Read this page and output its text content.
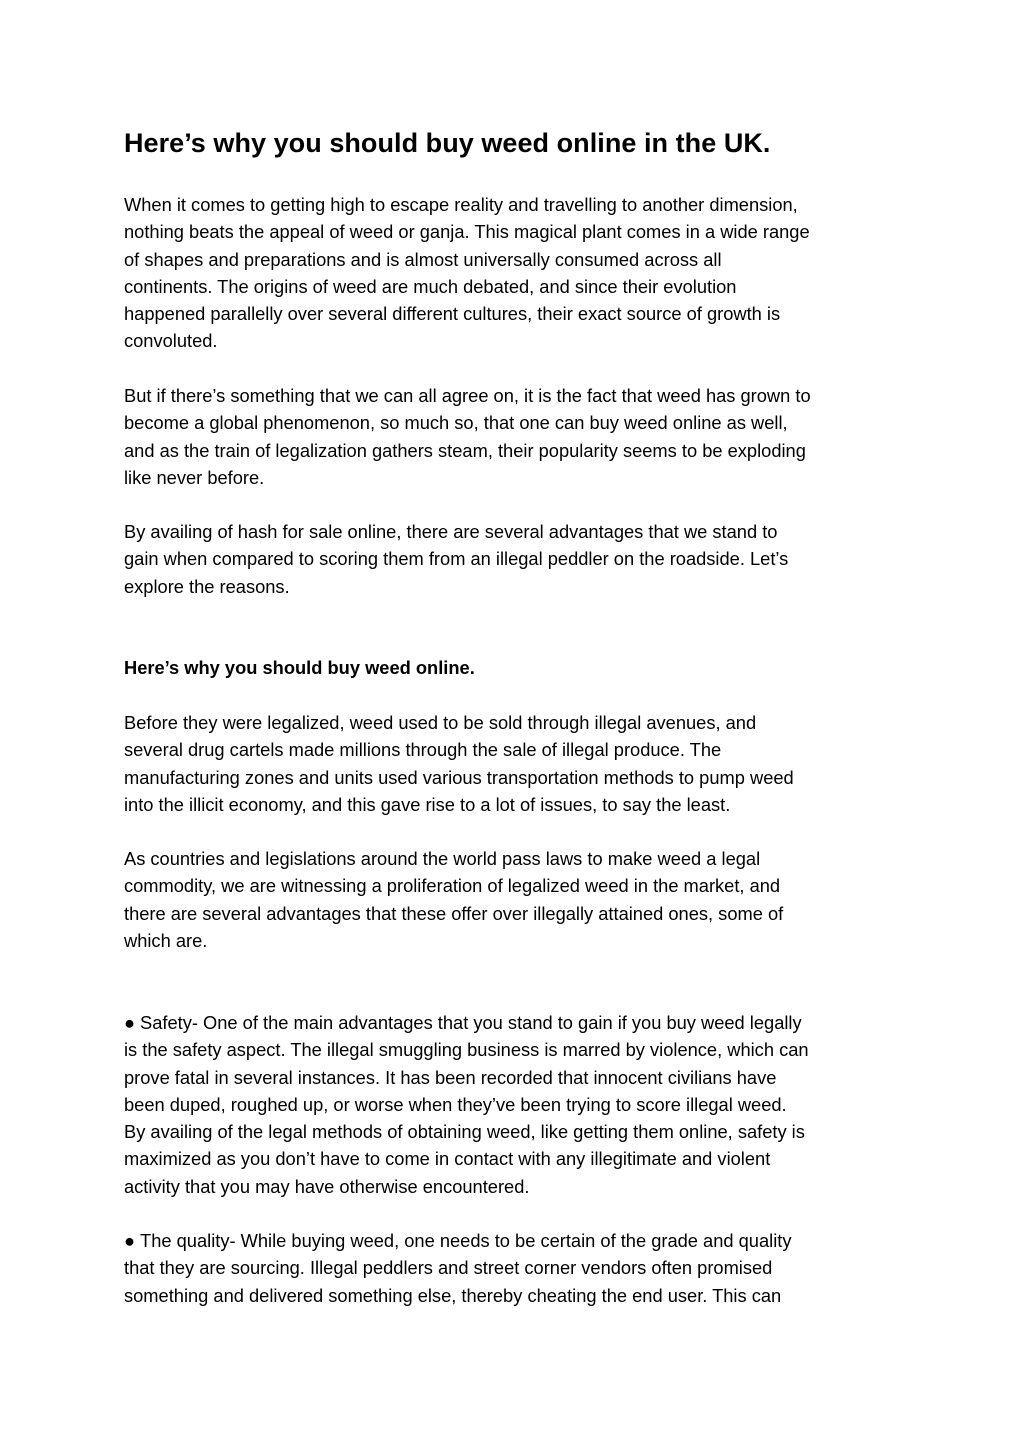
Here’s why you should buy weed online in the UK.

When it comes to getting high to escape reality and travelling to another dimension,
nothing beats the appeal of weed or ganja. This magical plant comes in a wide range
of shapes and preparations and is almost universally consumed across all
continents. The origins of weed are much debated, and since their evolution
happened parallelly over several different cultures, their exact source of growth is
convoluted.

But if there’s something that we can all agree on, it is the fact that weed has grown to
become a global phenomenon, so much so, that one can buy weed online as well,
and as the train of legalization gathers steam, their popularity seems to be exploding
like never before.

By availing of hash for sale online, there are several advantages that we stand to
gain when compared to scoring them from an illegal peddler on the roadside. Let’s
explore the reasons.

Here’s why you should buy weed online.

Before they were legalized, weed used to be sold through illegal avenues, and
several drug cartels made millions through the sale of illegal produce. The
manufacturing zones and units used various transportation methods to pump weed
into the illicit economy, and this gave rise to a lot of issues, to say the least.

As countries and legislations around the world pass laws to make weed a legal
commodity, we are witnessing a proliferation of legalized weed in the market, and
there are several advantages that these offer over illegally attained ones, some of
which are.

● Safety- One of the main advantages that you stand to gain if you buy weed legally
is the safety aspect. The illegal smuggling business is marred by violence, which can
prove fatal in several instances. It has been recorded that innocent civilians have
been duped, roughed up, or worse when they’ve been trying to score illegal weed.
By availing of the legal methods of obtaining weed, like getting them online, safety is
maximized as you don’t have to come in contact with any illegitimate and violent
activity that you may have otherwise encountered.
● The quality- While buying weed, one needs to be certain of the grade and quality
that they are sourcing. Illegal peddlers and street corner vendors often promised
something and delivered something else, thereby cheating the end user. This can
